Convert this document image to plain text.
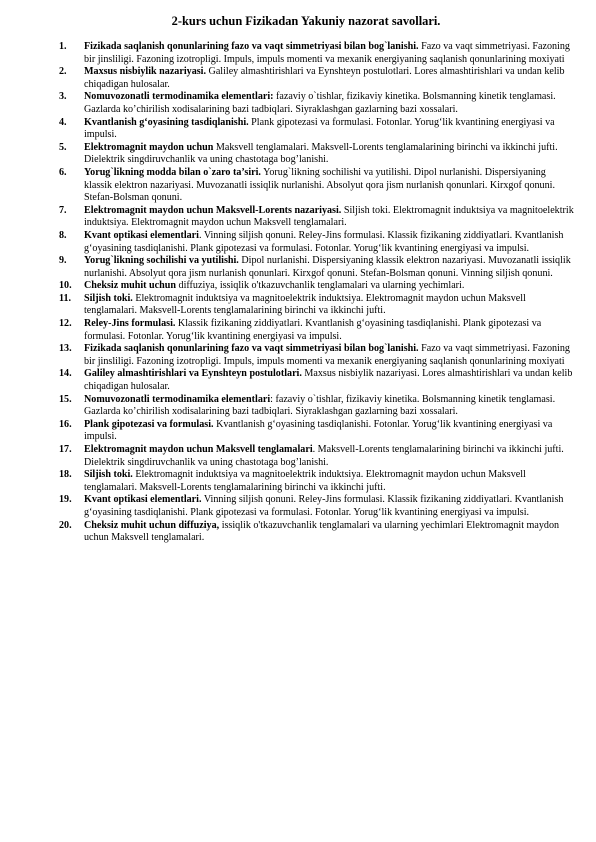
2-kurs uchun Fizikadan Yakuniy nazorat savollari.
1. Fizikada saqlanish qonunlarining fazo va vaqt simmetriyasi bilan bog`lanishi. Fazo va vaqt simmetriyasi. Fazoning bir jinsliligi. Fazoning izotropligi. Impuls, impuls momenti va mexanik energiyaning saqlanish qonunlarining moxiyati
2. Maxsus nisbiylik nazariyasi. Galiley almashtirishlari va Eynshteyn postulotlari. Lores almashtirishlari va undan kelib chiqadigan hulosalar.
3. Nomuvozonatli termodinamika elementlari: fazaviy o`tishlar, fizikaviy kinetika. Bolsmanning kinetik tenglamasi. Gazlarda ko’chirilish xodisalarining bazi tadbiqlari. Siyraklashgan gazlarning bazi xossalari.
4. Kvantlanish g‘oyasining tasdiqlanishi. Plank gipotezasi va formulasi. Fotonlar. Yorug‘lik kvantining energiyasi va impulsi.
5. Elektromagnit maydon uchun Maksvell tenglamalari. Maksvell-Lorents tenglamalarining birinchi va ikkinchi jufti. Dielektrik singdiruvchanlik va uning chastotaga bog’lanishi.
6. Yorug`likning modda bilan o`zaro ta’siri. Yorug`likning sochilishi va yutilishi. Dipol nurlanishi. Dispersiyaning klassik elektron nazariyasi. Muvozanatli issiqlik nurlanishi. Absolyut qora jism nurlanish qonunlari. Kirxgof qonuni. Stefan-Bolsman qonuni.
7. Elektromagnit maydon uchun Maksvell-Lorents nazariyasi. Siljish toki. Elektromagnit induktsiya va magnitoelektrik induktsiya. Elektromagnit maydon uchun Maksvell tenglamalari.
8. Kvant optikasi elementlari. Vinning siljish qonuni. Reley-Jins formulasi. Klassik fizikaning ziddiyatlari. Kvantlanish g‘oyasining tasdiqlanishi. Plank gipotezasi va formulasi. Fotonlar. Yorug‘lik kvantining energiyasi va impulsi.
9. Yorug`likning sochilishi va yutilishi. Dipol nurlanishi. Dispersiyaning klassik elektron nazariyasi. Muvozanatli issiqlik nurlanishi. Absolyut qora jism nurlanish qonunlari. Kirxgof qonuni. Stefan-Bolsman qonuni. Vinning siljish qonuni.
10. Cheksiz muhit uchun diffuziya, issiqlik o'tkazuvchanlik tenglamalari va ularning yechimlari.
11. Siljish toki. Elektromagnit induktsiya va magnitoelektrik induktsiya. Elektromagnit maydon uchun Maksvell tenglamalari. Maksvell-Lorents tenglamalarining birinchi va ikkinchi jufti.
12. Reley-Jins formulasi. Klassik fizikaning ziddiyatlari. Kvantlanish g‘oyasining tasdiqlanishi. Plank gipotezasi va formulasi. Fotonlar. Yorug‘lik kvantining energiyasi va impulsi.
13. Fizikada saqlanish qonunlarining fazo va vaqt simmetriyasi bilan bog`lanishi. Fazo va vaqt simmetriyasi. Fazoning bir jinsliligi. Fazoning izotropligi. Impuls, impuls momenti va mexanik energiyaning saqlanish qonunlarining moxiyati
14. Galiley almashtirishlari va Eynshteyn postulotlari. Maxsus nisbiylik nazariyasi. Lores almashtirishlari va undan kelib chiqadigan hulosalar.
15. Nomuvozonatli termodinamika elementlari: fazaviy o`tishlar, fizikaviy kinetika. Bolsmanning kinetik tenglamasi. Gazlarda ko’chirilish xodisalarining bazi tadbiqlari. Siyraklashgan gazlarning bazi xossalari.
16. Plank gipotezasi va formulasi. Kvantlanish g‘oyasining tasdiqlanishi. Fotonlar. Yorug‘lik kvantining energiyasi va impulsi.
17. Elektromagnit maydon uchun Maksvell tenglamalari. Maksvell-Lorents tenglamalarining birinchi va ikkinchi jufti. Dielektrik singdiruvchanlik va uning chastotaga bog’lanishi.
18. Siljish toki. Elektromagnit induktsiya va magnitoelektrik induktsiya. Elektromagnit maydon uchun Maksvell tenglamalari. Maksvell-Lorents tenglamalarining birinchi va ikkinchi jufti.
19. Kvant optikasi elementlari. Vinning siljish qonuni. Reley-Jins formulasi. Klassik fizikaning ziddiyatlari. Kvantlanish g‘oyasining tasdiqlanishi. Plank gipotezasi va formulasi. Fotonlar. Yorug‘lik kvantining energiyasi va impulsi.
20. Cheksiz muhit uchun diffuziya, issiqlik o'tkazuvchanlik tenglamalari va ularning yechimlari Elektromagnit maydon uchun Maksvell tenglamalari.
